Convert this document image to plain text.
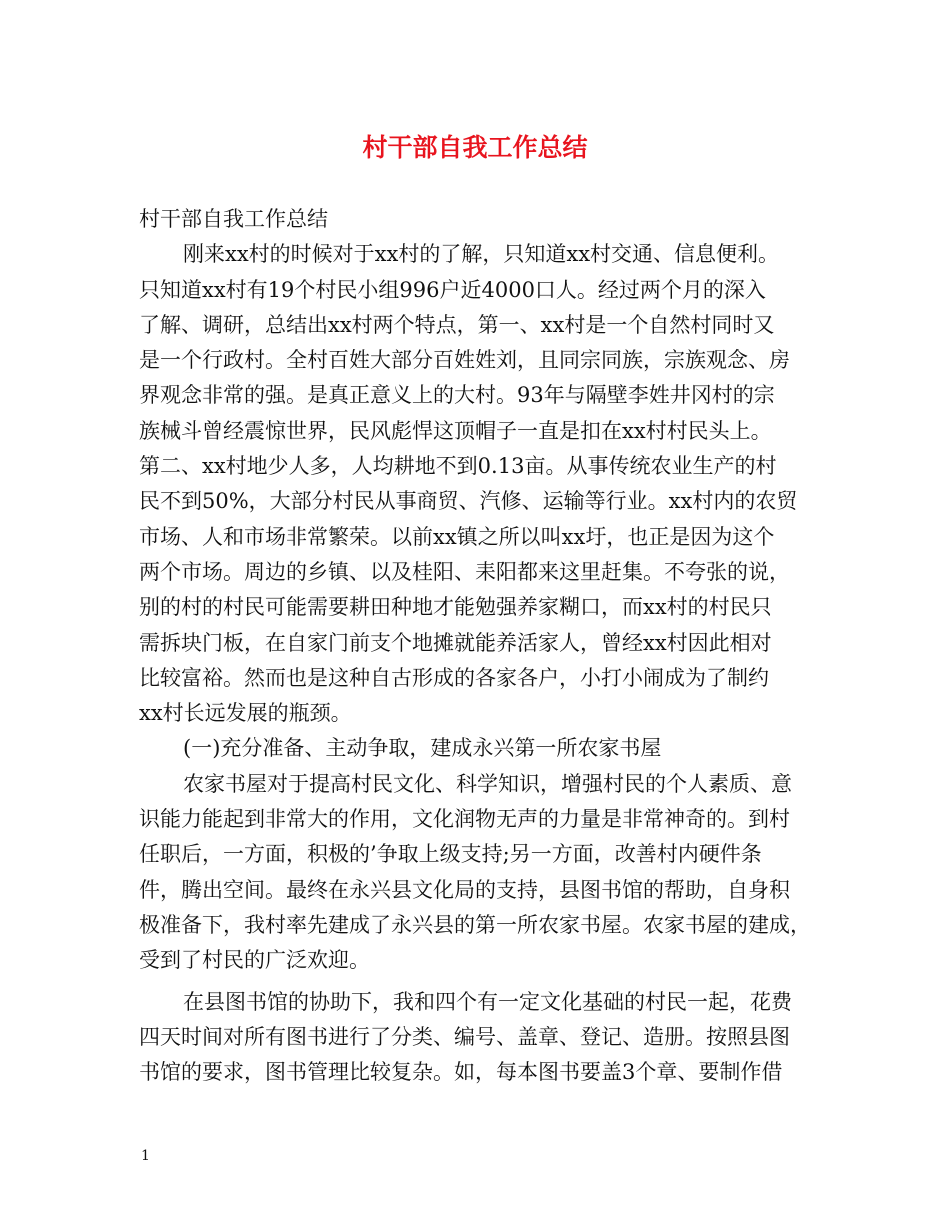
村干部自我工作总结
村干部自我工作总结
刚来xx村的时候对于xx村的了解，只知道xx村交通、信息便利。
只知道xx村有19个村民小组996户近4000口人。经过两个月的深入
了解、调研，总结出xx村两个特点，第一、xx村是一个自然村同时又
是一个行政村。全村百姓大部分百姓姓刘，且同宗同族，宗族观念、房
界观念非常的强。是真正意义上的大村。93年与隔壁李姓井冈村的宗
族械斗曾经震惊世界，民风彪悍这顶帽子一直是扣在xx村村民头上。
第二、xx村地少人多，人均耕地不到0.13亩。从事传统农业生产的村
民不到50%，大部分村民从事商贸、汽修、运输等行业。xx村内的农贸
市场、人和市场非常繁荣。以前xx镇之所以叫xx圩，也正是因为这个
两个市场。周边的乡镇、以及桂阳、耒阳都来这里赶集。不夸张的说，
别的村的村民可能需要耕田种地才能勉强养家糊口，而xx村的村民只
需拆块门板，在自家门前支个地摊就能养活家人，曾经xx村因此相对
比较富裕。然而也是这种自古形成的各家各户，小打小闹成为了制约
xx村长远发展的瓶颈。
(一)充分准备、主动争取，建成永兴第一所农家书屋
农家书屋对于提高村民文化、科学知识，增强村民的个人素质、意
识能力能起到非常大的作用，文化润物无声的力量是非常神奇的。到村
任职后，一方面，积极的’争取上级支持;另一方面，改善村内硬件条
件，腾出空间。最终在永兴县文化局的支持，县图书馆的帮助，自身积
极准备下，我村率先建成了永兴县的第一所农家书屋。农家书屋的建成，
受到了村民的广泛欢迎。
在县图书馆的协助下，我和四个有一定文化基础的村民一起，花费
四天时间对所有图书进行了分类、编号、盖章、登记、造册。按照县图
书馆的要求，图书管理比较复杂。如，每本图书要盖3个章、要制作借
1
